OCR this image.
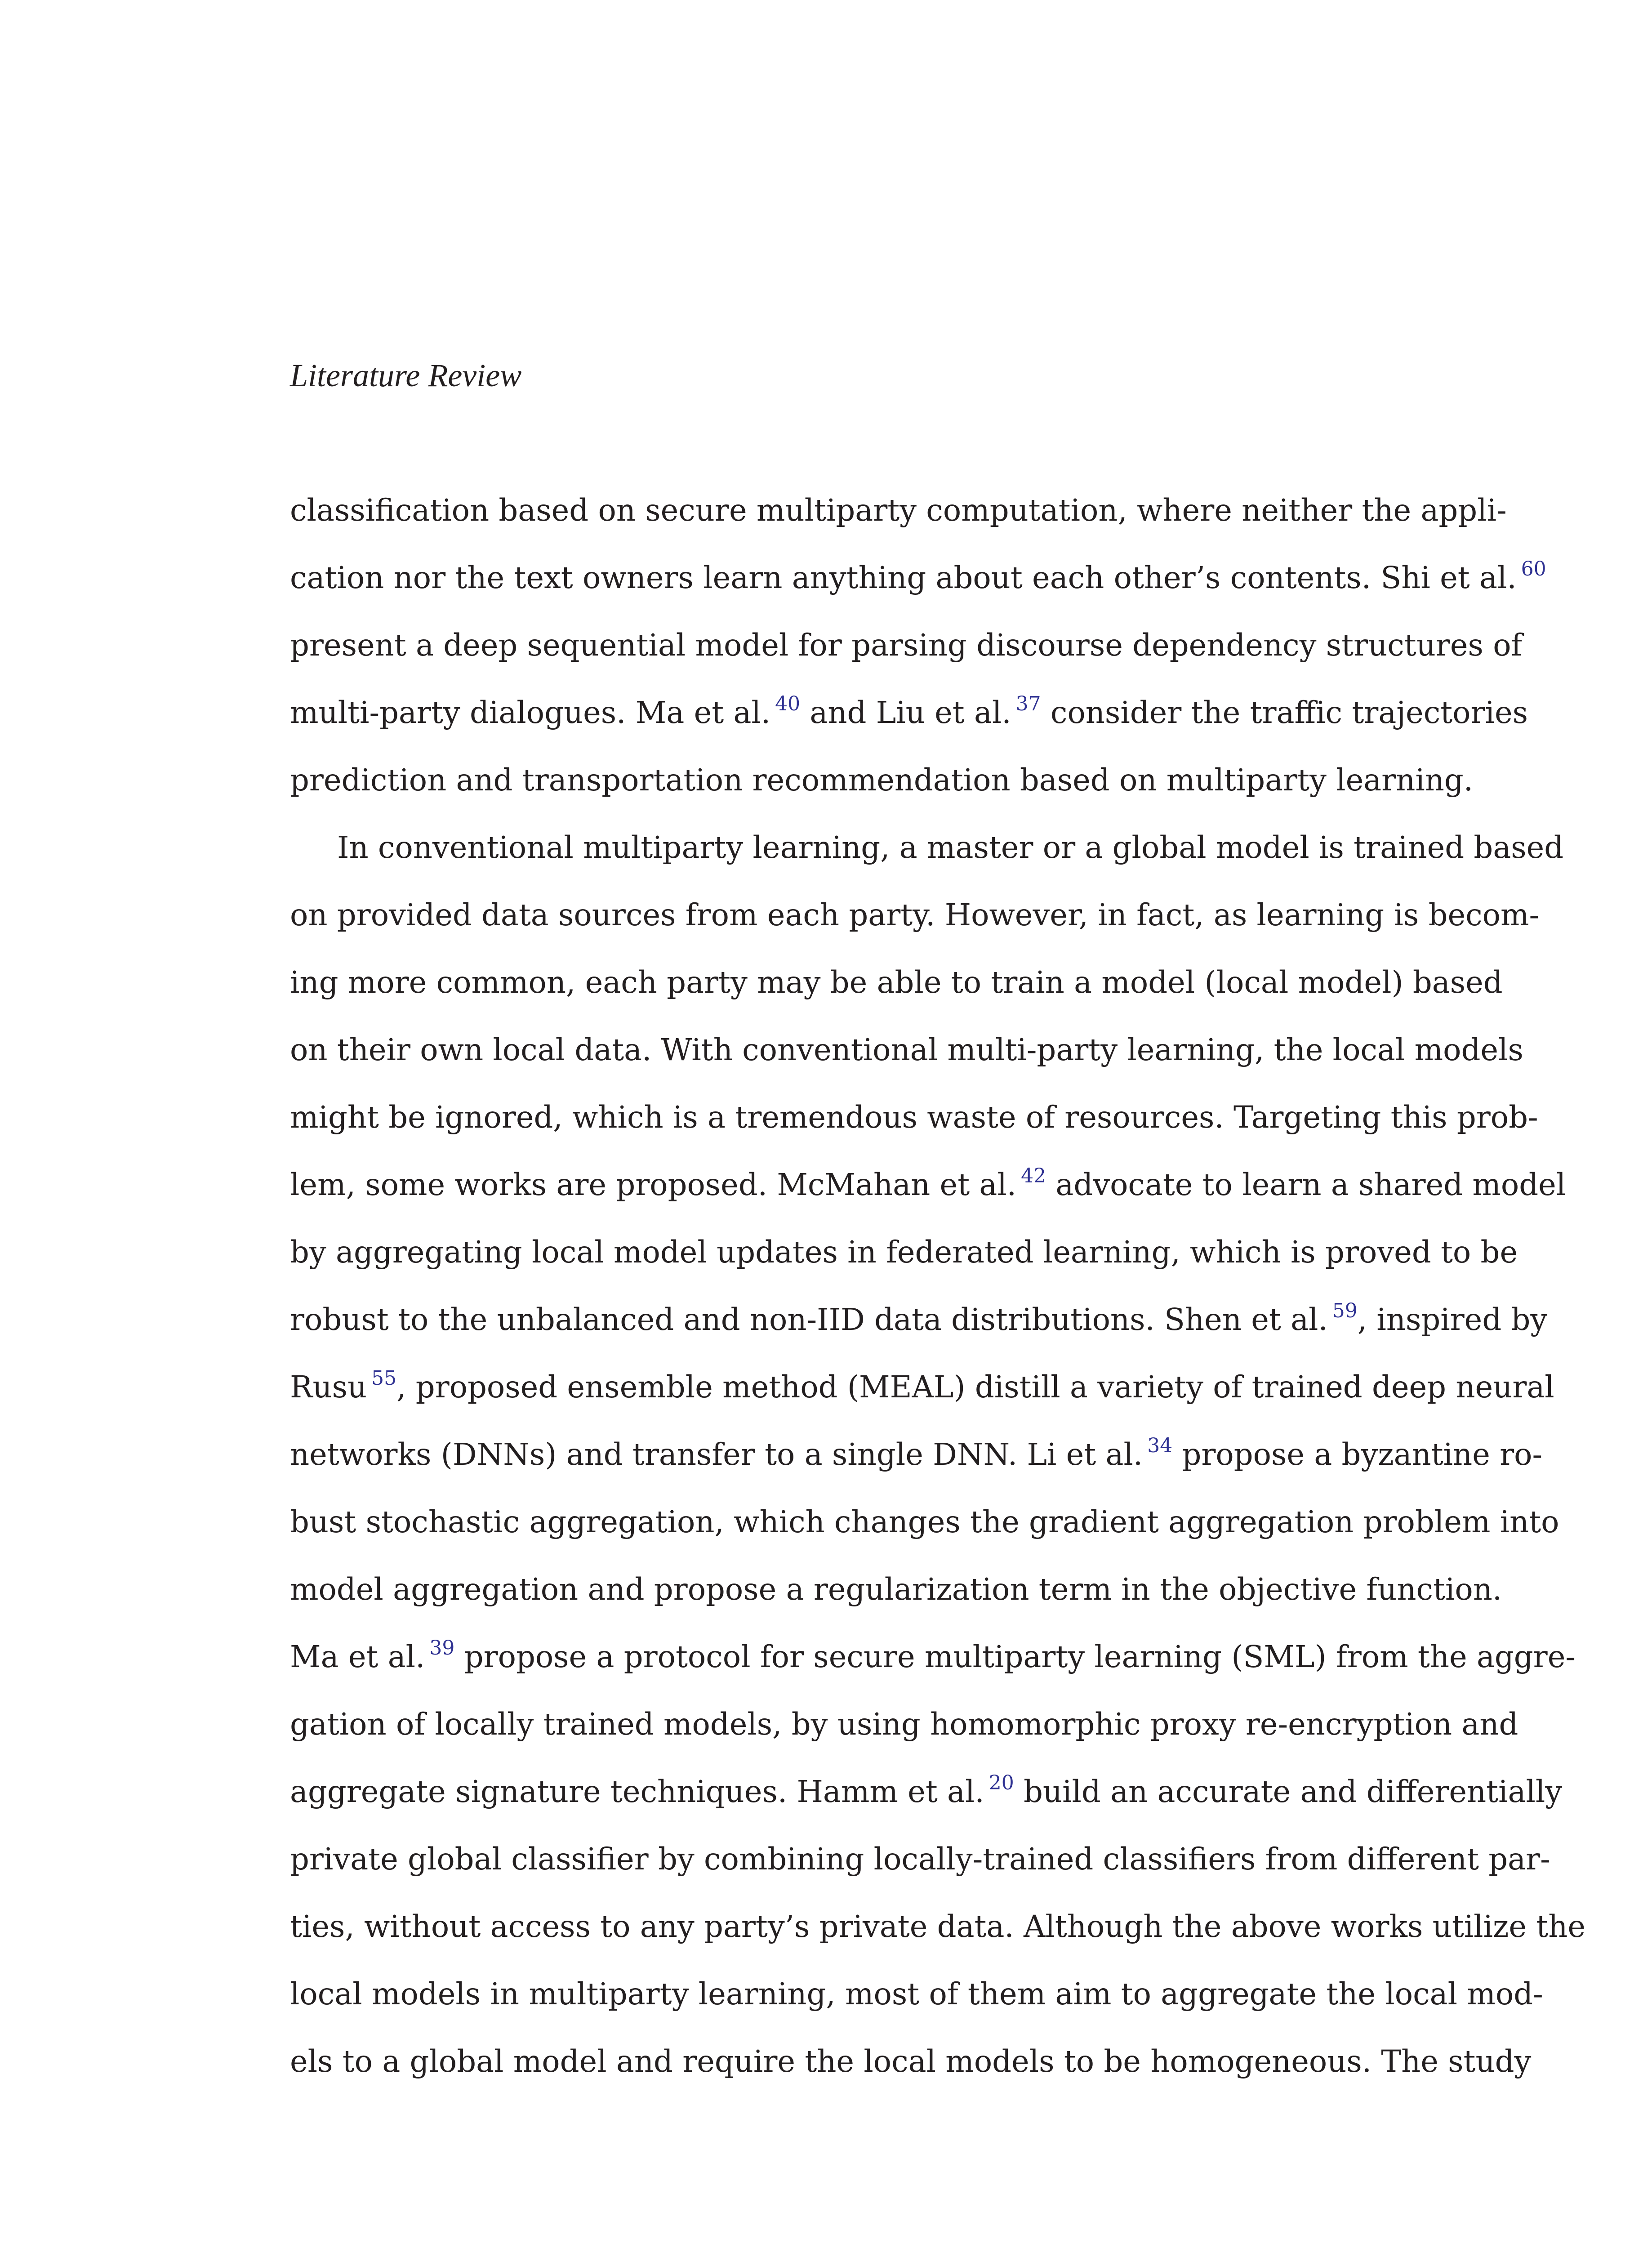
Literature Review
classification based on secure multiparty computation, where neither the appli-
cation nor the text owners learn anything about each other’s contents. Shi et al. $^{60}$
present a deep sequential model for parsing discourse dependency structures of
multi-party dialogues. Ma et al. $^{40}$ and Liu et al. $^{37}$ consider the traffic trajectories
prediction and transportation recommendation based on multiparty learning.
In conventional multiparty learning, a master or a global model is trained based
on provided data sources from each party. However, in fact, as learning is becom-
ing more common, each party may be able to train a model (local model) based
on their own local data. With conventional multi-party learning, the local models
might be ignored, which is a tremendous waste of resources. Targeting this prob-
lem, some works are proposed. McMahan et al. $^{42}$ advocate to learn a shared model
by aggregating local model updates in federated learning, which is proved to be
robust to the unbalanced and non-IID data distributions. Shen et al. $^{59}$, inspired by
Rusu $^{55}$, proposed ensemble method (MEAL) distill a variety of trained deep neural
networks (DNNs) and transfer to a single DNN. Li et al. $^{34}$ propose a byzantine ro-
bust stochastic aggregation, which changes the gradient aggregation problem into
model aggregation and propose a regularization term in the objective function.
Ma et al. $^{39}$ propose a protocol for secure multiparty learning (SML) from the aggre-
gation of locally trained models, by using homomorphic proxy re-encryption and
aggregate signature techniques. Hamm et al. $^{20}$ build an accurate and differentially
private global classifier by combining locally-trained classifiers from different par-
ties, without access to any party’s private data. Although the above works utilize the
local models in multiparty learning, most of them aim to aggregate the local mod-
els to a global model and require the local models to be homogeneous. The study
